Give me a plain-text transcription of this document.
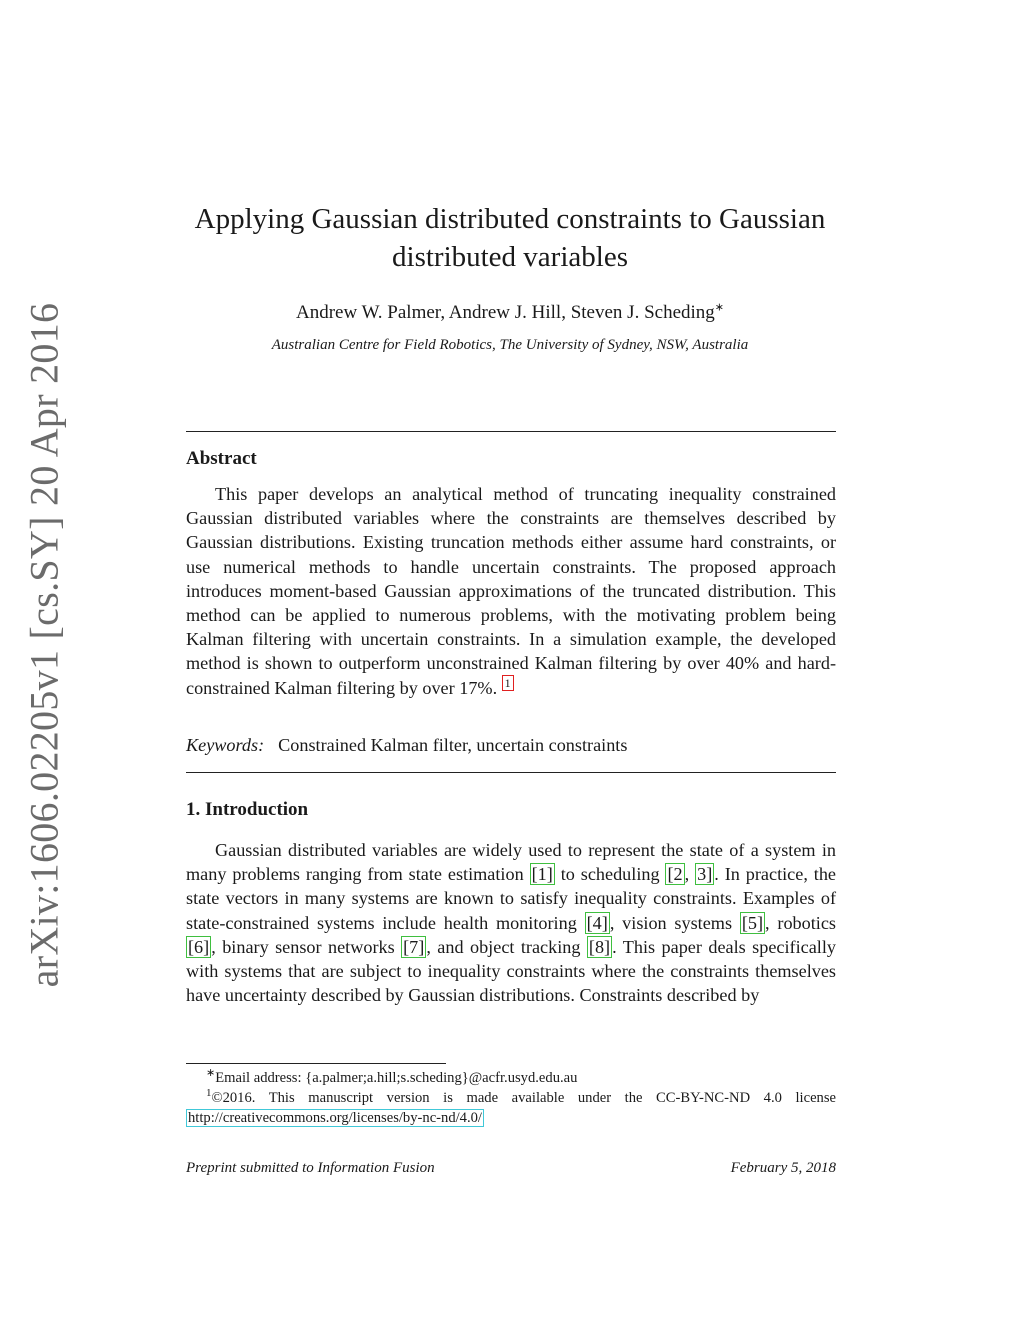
arXiv:1606.02205v1 [cs.SY] 20 Apr 2016
Applying Gaussian distributed constraints to Gaussian distributed variables
Andrew W. Palmer, Andrew J. Hill, Steven J. Scheding∗
Australian Centre for Field Robotics, The University of Sydney, NSW, Australia
Abstract

This paper develops an analytical method of truncating inequality constrained Gaussian distributed variables where the constraints are themselves described by Gaussian distributions. Existing truncation methods either assume hard constraints, or use numerical methods to handle uncertain constraints. The proposed approach introduces moment-based Gaussian approximations of the truncated distribution. This method can be applied to numerous problems, with the motivating problem being Kalman filtering with uncertain constraints. In a simulation example, the developed method is shown to outperform unconstrained Kalman filtering by over 40% and hard-constrained Kalman filtering by over 17%. $^1$

Keywords: Constrained Kalman filter, uncertain constraints
1. Introduction

Gaussian distributed variables are widely used to represent the state of a system in many problems ranging from state estimation [1] to scheduling [2 , 3] . In practice, the state vectors in many systems are known to satisfy inequality constraints. Examples of state-constrained systems include health monitoring [4] , vision systems [5] , robotics [6] , binary sensor networks [7] , and object tracking [8] . This paper deals specifically with systems that are subject to inequality constraints where the constraints themselves have uncertainty described by Gaussian distributions. Constraints described by

∗Email address: {a.palmer;a.hill;s.scheding}@acfr.usyd.edu.au

$^1$©2016. This manuscript version is made available under the CC-BY-NC-ND 4.0 license http://creativecommons.org/licenses/by-nc-nd/4.0/

Preprint submitted to Information Fusion	February 5, 2018
